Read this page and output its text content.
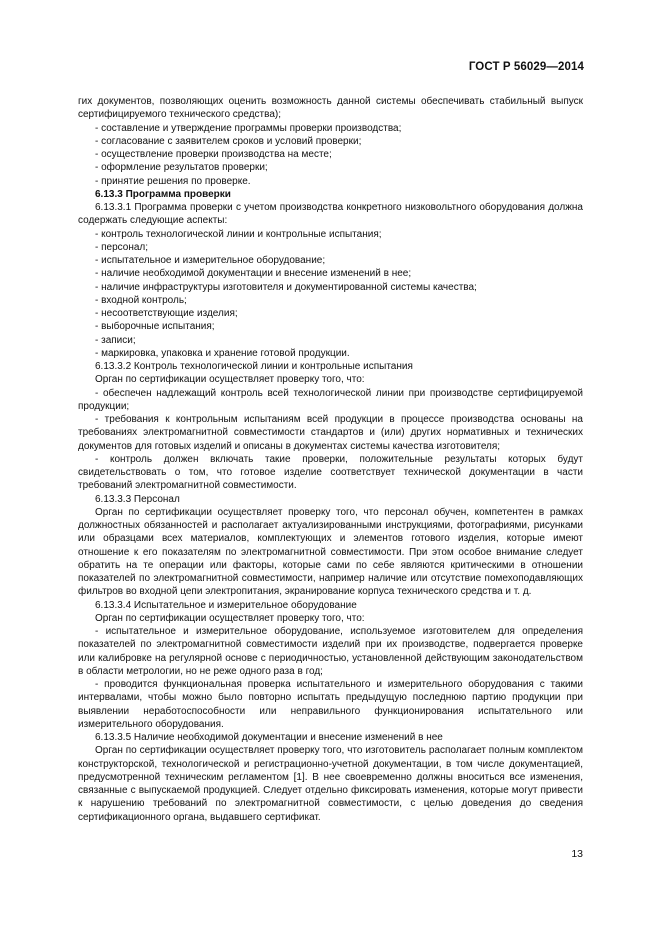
ГОСТ Р 56029—2014

гих документов, позволяющих оценить возможность данной системы обеспечивать стабильный выпуск сертифицируемого технического средства);

- составление и утверждение программы проверки производства;

- согласование с заявителем сроков и условий проверки;

- осуществление проверки производства на месте;

- оформление результатов проверки;

- принятие решения по проверке.

6.13.3 Программа проверки

6.13.3.1 Программа проверки с учетом производства конкретного низковольтного оборудования должна содержать следующие аспекты:

- контроль технологической линии и контрольные испытания;

- персонал;

- испытательное и измерительное оборудование;

- наличие необходимой документации и внесение изменений в нее;

- наличие инфраструктуры изготовителя и документированной системы качества;

- входной контроль;

- несоответствующие изделия;

- выборочные испытания;

- записи;

- маркировка, упаковка и хранение готовой продукции.

6.13.3.2 Контроль технологической линии и контрольные испытания

Орган по сертификации осуществляет проверку того, что:

- обеспечен надлежащий контроль всей технологической линии при производстве сертифицируемой продукции;

- требования к контрольным испытаниям всей продукции в процессе производства основаны на требованиях электромагнитной совместимости стандартов и (или) других нормативных и технических документов для готовых изделий и описаны в документах системы качества изготовителя;

- контроль должен включать такие проверки, положительные результаты которых будут свидетельствовать о том, что готовое изделие соответствует технической документации в части требований электромагнитной совместимости.

6.13.3.3 Персонал

Орган по сертификации осуществляет проверку того, что персонал обучен, компетентен в рамках должностных обязанностей и располагает актуализированными инструкциями, фотографиями, рисунками или образцами всех материалов, комплектующих и элементов готового изделия, которые имеют отношение к его показателям по электромагнитной совместимости. При этом особое внимание следует обратить на те операции или факторы, которые сами по себе являются критическими в отношении показателей по электромагнитной совместимости, например наличие или отсутствие помехоподавляющих фильтров во входной цепи электропитания, экранирование корпуса технического средства и т. д.

6.13.3.4 Испытательное и измерительное оборудование

Орган по сертификации осуществляет проверку того, что:

- испытательное и измерительное оборудование, используемое изготовителем для определения показателей по электромагнитной совместимости изделий при их производстве, подвергается проверке или калибровке на регулярной основе с периодичностью, установленной действующим законодательством в области метрологии, но не реже одного раза в год;

- проводится функциональная проверка испытательного и измерительного оборудования с такими интервалами, чтобы можно было повторно испытать предыдущую последнюю партию продукции при выявлении неработоспособности или неправильного функционирования испытательного или измерительного оборудования.

6.13.3.5 Наличие необходимой документации и внесение изменений в нее

Орган по сертификации осуществляет проверку того, что изготовитель располагает полным комплектом конструкторской, технологической и регистрационно-учетной документации, в том числе документацией, предусмотренной техническим регламентом [1]. В нее своевременно должны вноситься все изменения, связанные с выпускаемой продукцией. Следует отдельно фиксировать изменения, которые могут привести к нарушению требований по электромагнитной совместимости, с целью доведения до сведения сертификационного органа, выдавшего сертификат.

13
